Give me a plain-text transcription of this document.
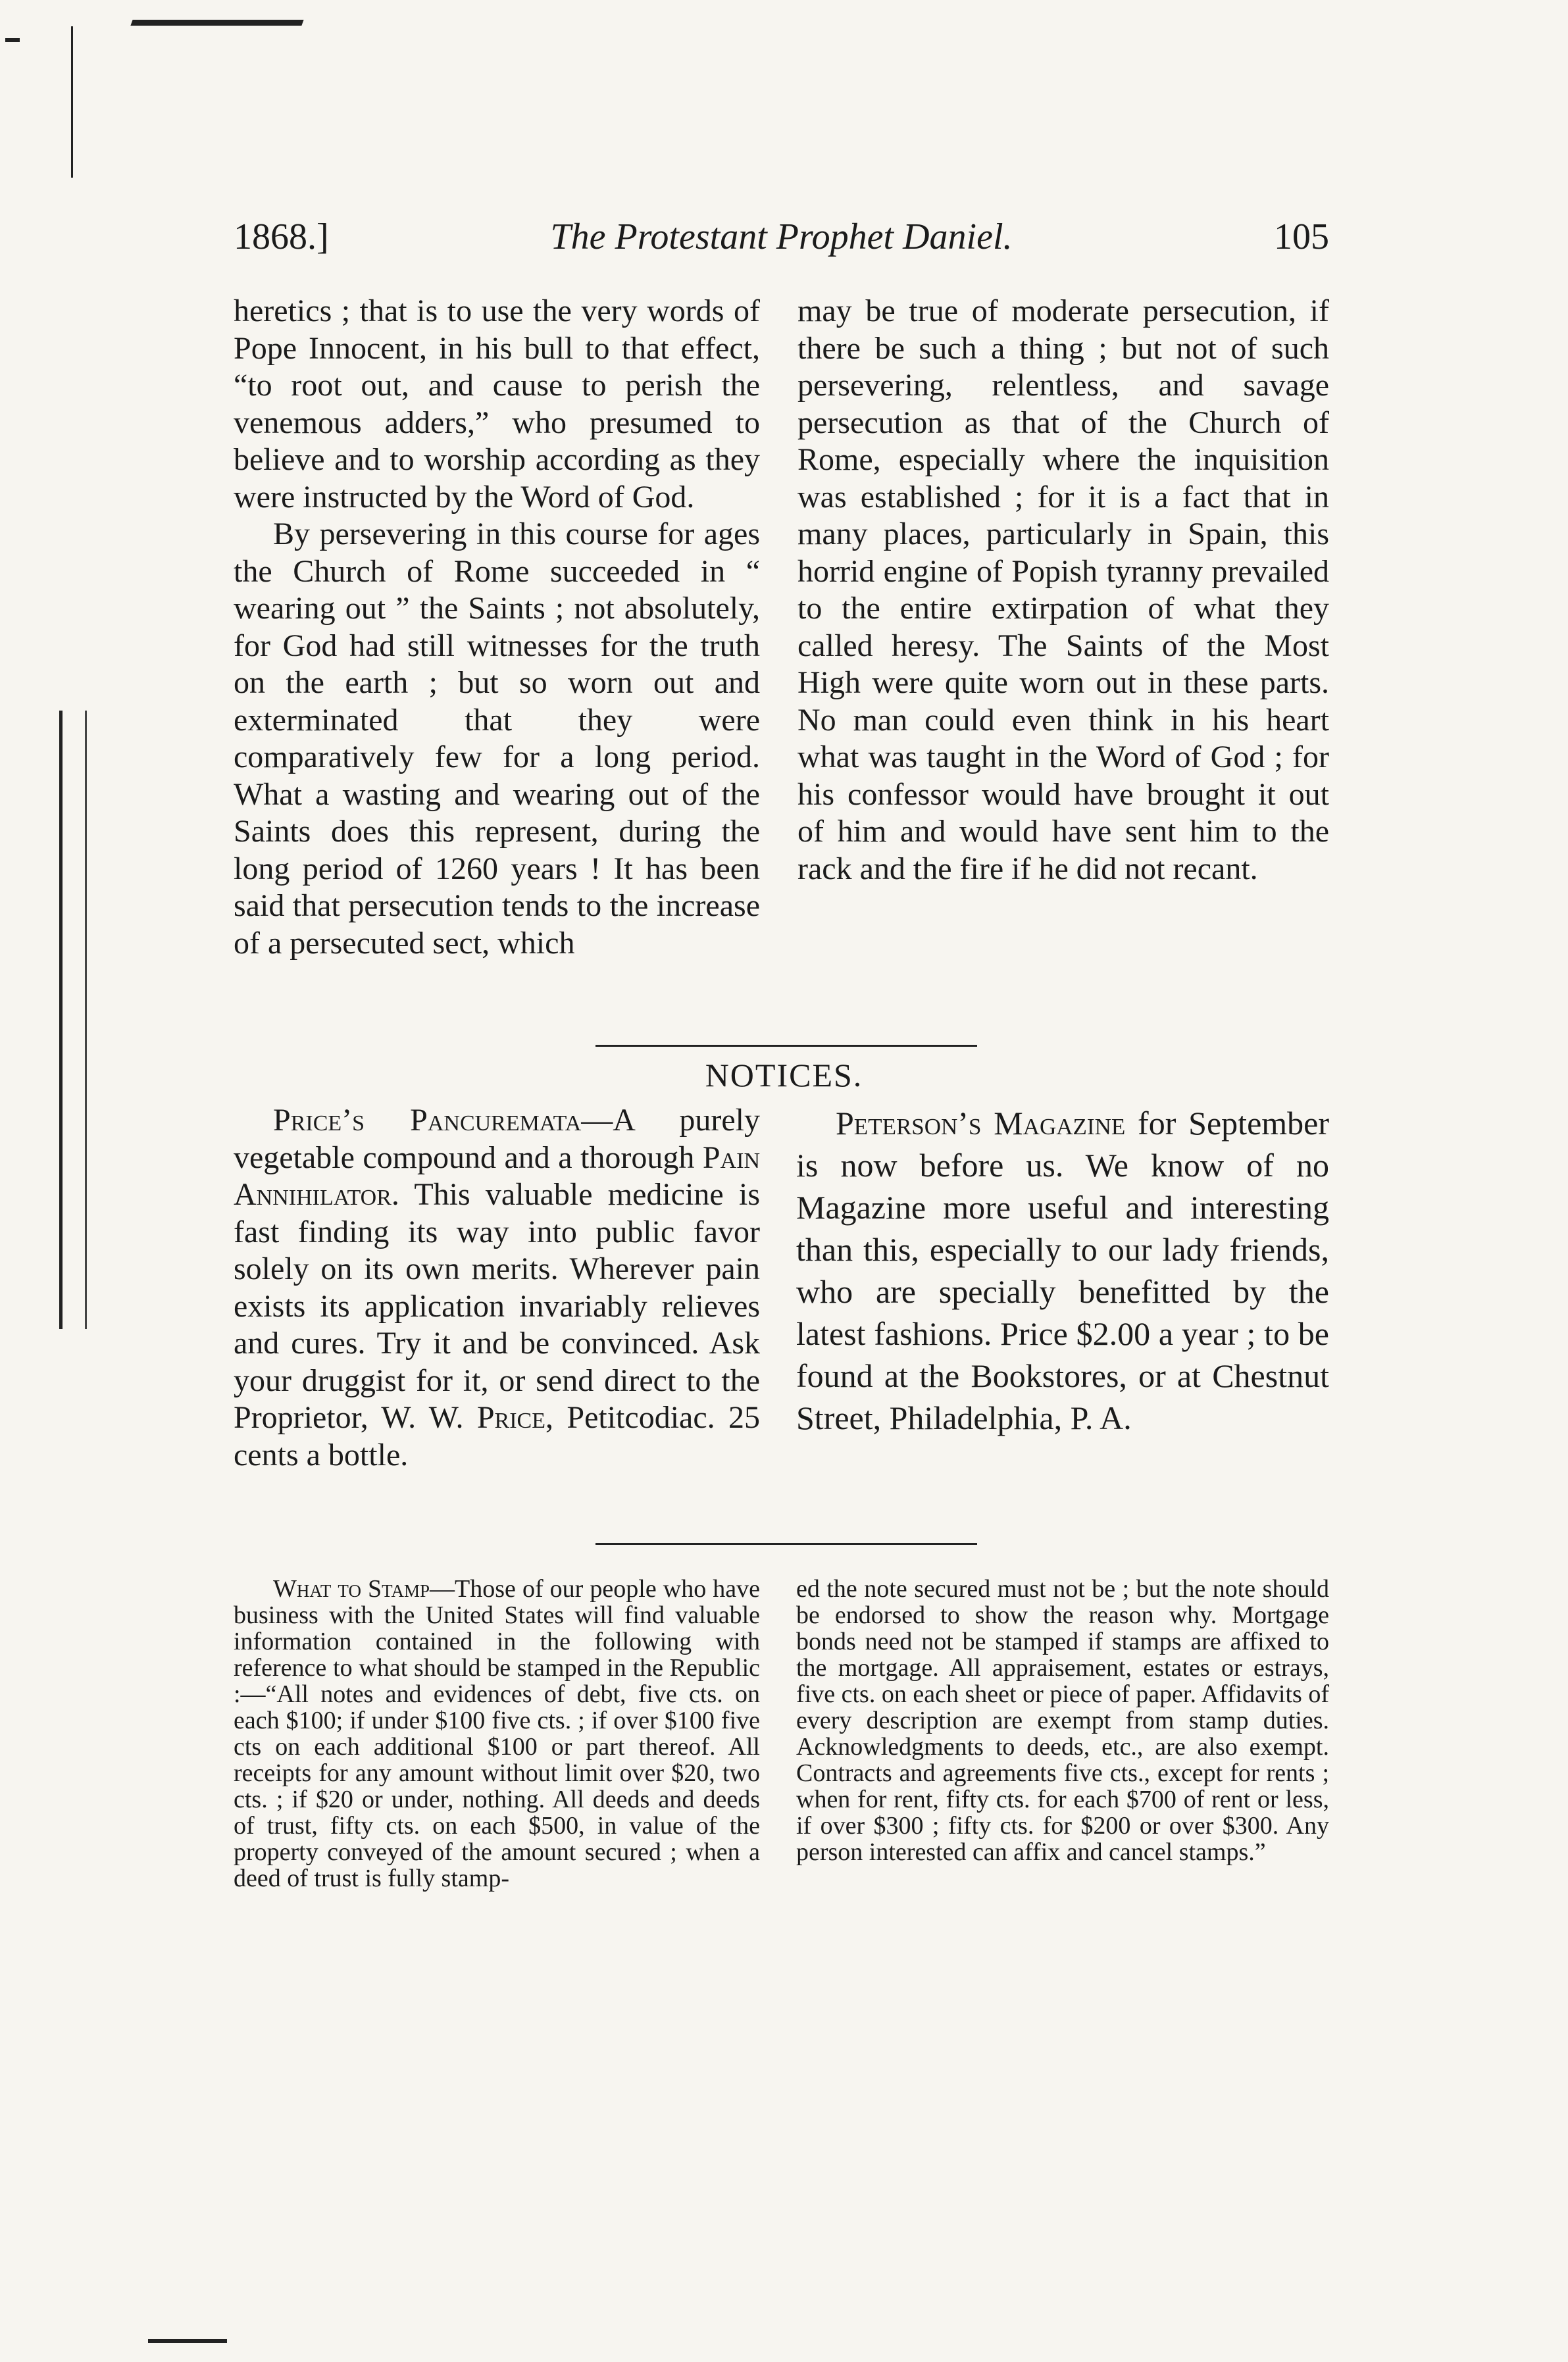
1868.]	The Protestant Prophet Daniel.	105

heretics ; that is to use the very words of Pope Innocent, in his bull to that effect, “to root out, and cause to perish the venemous adders,” who presumed to believe and to worship according as they were instructed by the Word of God.

By persevering in this course for ages the Church of Rome succeeded in “ wearing out ” the Saints ; not absolutely, for God had still witnesses for the truth on the earth ; but so worn out and exterminated that they were comparatively few for a long period. What a wasting and wearing out of the Saints does this represent, during the long period of 1260 years ! It has been said that persecution tends to the increase of a persecuted sect, which

may be true of moderate persecution, if there be such a thing ; but not of such persevering, relentless, and savage persecution as that of the Church of Rome, especially where the inquisition was established ; for it is a fact that in many places, particularly in Spain, this horrid engine of Popish tyranny prevailed to the entire extirpation of what they called heresy. The Saints of the Most High were quite worn out in these parts. No man could even think in his heart what was taught in the Word of God ; for his confessor would have brought it out of him and would have sent him to the rack and the fire if he did not recant.

NOTICES.

Price’s Pancuremata—A purely vegetable compound and a thorough Pain Annihilator. This valuable medicine is fast finding its way into public favor solely on its own merits. Wherever pain exists its application invariably relieves and cures. Try it and be convinced. Ask your druggist for it, or send direct to the Proprietor, W. W. Price, Petitcodiac. 25 cents a bottle.

Peterson’s Magazine for September is now before us. We know of no Magazine more useful and interesting than this, especially to our lady friends, who are specially benefitted by the latest fashions. Price $2.00 a year ; to be found at the Bookstores, or at Chestnut Street, Philadelphia, P. A.

What to Stamp—Those of our people who have business with the United States will find valuable information contained in the following with reference to what should be stamped in the Republic :—“All notes and evidences of debt, five cts. on each $100; if under $100 five cts. ; if over $100 five cts on each additional $100 or part thereof. All receipts for any amount without limit over $20, two cts. ; if $20 or under, nothing. All deeds and deeds of trust, fifty cts. on each $500, in value of the property conveyed of the amount secured ; when a deed of trust is fully stamp-

ed the note secured must not be ; but the note should be endorsed to show the reason why. Mortgage bonds need not be stamped if stamps are affixed to the mortgage. All appraisement, estates or estrays, five cts. on each sheet or piece of paper. Affidavits of every description are exempt from stamp duties. Acknowledgments to deeds, etc., are also exempt. Contracts and agreements five cts., except for rents ; when for rent, fifty cts. for each $700 of rent or less, if over $300 ; fifty cts. for $200 or over $300. Any person interested can affix and cancel stamps.”
